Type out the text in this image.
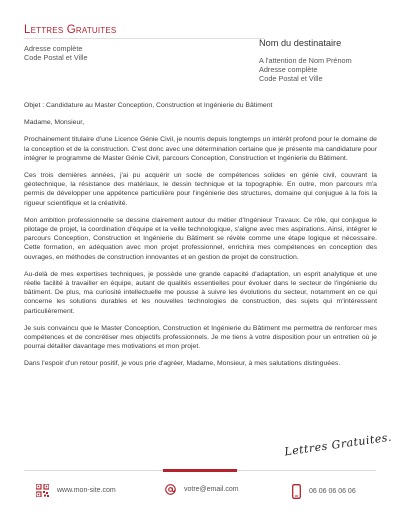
Lettres Gratuites
Adresse complète
Code Postal et Ville
Nom du destinataire
A l'attention de Nom Prénom
Adresse complète
Code Postal et Ville

Objet : Candidature au Master Conception, Construction et Ingénierie du Bâtiment

Madame, Monsieur,

Prochainement titulaire d'une Licence Génie Civil, je nourris depuis longtemps un intérêt profond pour le domaine de la conception et de la construction. C'est donc avec une détermination certaine que je présente ma candidature pour intégrer le programme de Master Génie Civil, parcours Conception, Construction et Ingénierie du Bâtiment.

Ces trois dernières années, j'ai pu acquérir un socle de compétences solides en génie civil, couvrant la géotechnique, la résistance des matériaux, le dessin technique et la topographie. En outre, mon parcours m'a permis de développer une appétence particulière pour l'ingénierie des structures, domaine qui conjugue à la fois la rigueur scientifique et la créativité.

Mon ambition professionnelle se dessine clairement autour du métier d'Ingénieur Travaux. Ce rôle, qui conjugue le pilotage de projet, la coordination d'équipe et la veille technologique, s'aligne avec mes aspirations. Ainsi, intégrer le parcours Conception, Construction et Ingénierie du Bâtiment se révèle comme une étape logique et nécessaire. Cette formation, en adéquation avec mon projet professionnel, enrichira mes compétences en conception des ouvrages, en méthodes de construction innovantes et en gestion de projet de construction.

Au-delà de mes expertises techniques, je possède une grande capacité d'adaptation, un esprit analytique et une réelle facilité à travailler en équipe, autant de qualités essentielles pour évoluer dans le secteur de l'ingénierie du bâtiment. De plus, ma curiosité intellectuelle me pousse à suivre les évolutions du secteur, notamment en ce qui concerne les solutions durables et les nouvelles technologies de construction, des sujets qui m'intéressent particulièrement.

Je suis convaincu que le Master Conception, Construction et Ingénierie du Bâtiment me permettra de renforcer mes compétences et de concrétiser mes objectifs professionnels. Je me tiens à votre disposition pour un entretien où je pourrai détailler davantage mes motivations et mon projet.

Dans l'espoir d'un retour positif, je vous prie d'agréer, Madame, Monsieur, à mes salutations distinguées.

Lettres Gratuites.
www.mon-site.com	votre@email.com	06 06 06 06 06
